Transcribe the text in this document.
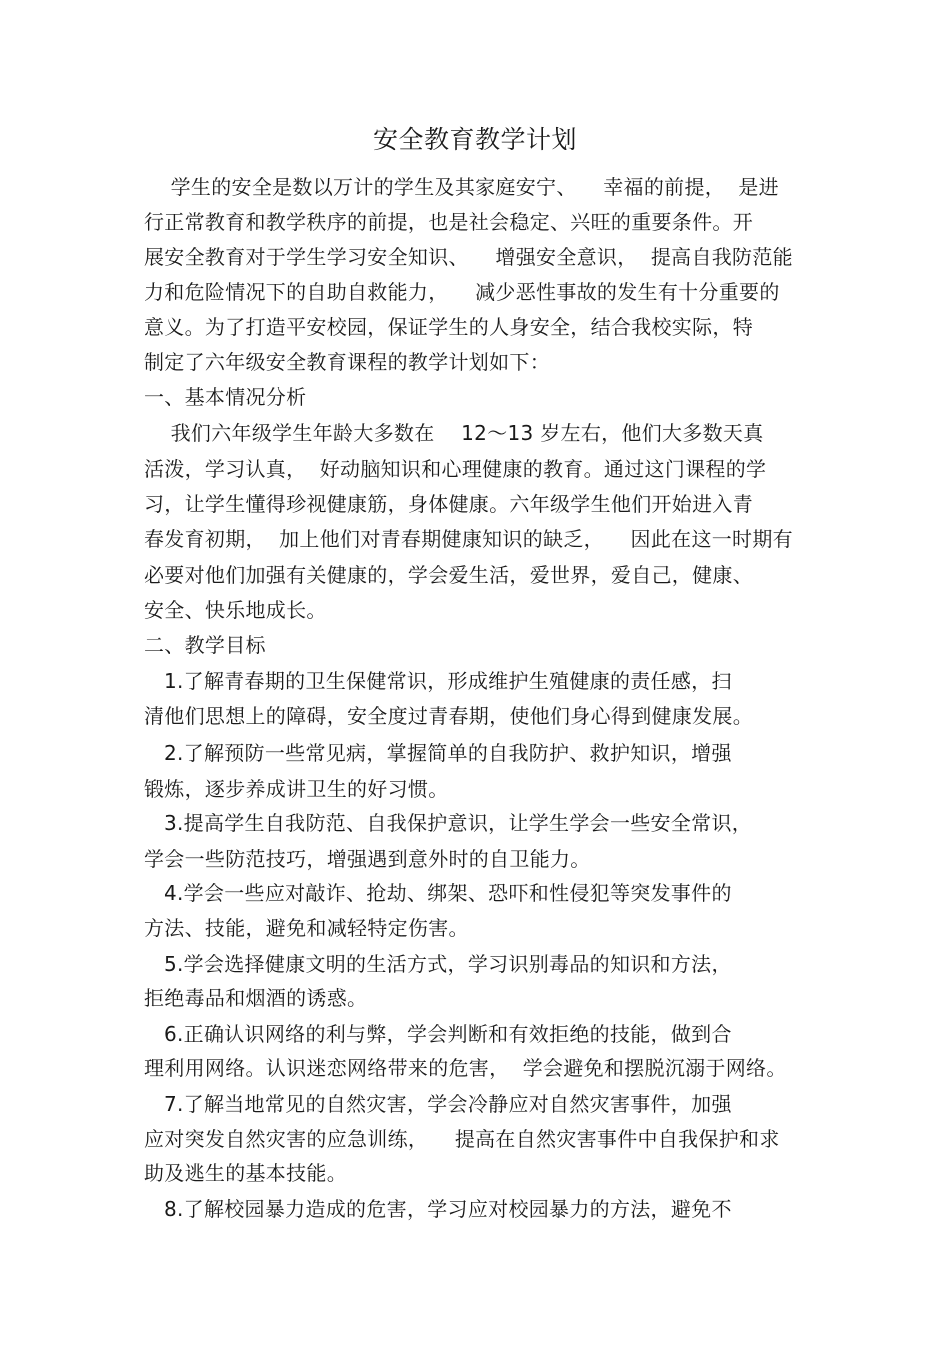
安全教育教学计划
学生的安全是数以万计的学生及其家庭安宁、    幸福的前提，  是进
行正常教育和教学秩序的前提，也是社会稳定、兴旺的重要条件。开
展安全教育对于学生学习安全知识、    增强安全意识，  提高自我防范能
力和危险情况下的自助自救能力，    减少恶性事故的发生有十分重要的
意义。为了打造平安校园，保证学生的人身安全，结合我校实际，特
制定了六年级安全教育课程的教学计划如下：
一、基本情况分析
我们六年级学生年龄大多数在    12～13 岁左右，他们大多数天真
活泼，学习认真，  好动脑知识和心理健康的教育。通过这门课程的学
习，让学生懂得珍视健康筋，身体健康。六年级学生他们开始进入青
春发育初期，  加上他们对青春期健康知识的缺乏，    因此在这一时期有
必要对他们加强有关健康的，学会爱生活，爱世界，爱自己，健康、
安全、快乐地成长。
二、教学目标
1.了解青春期的卫生保健常识，形成维护生殖健康的责任感，扫
清他们思想上的障碍，安全度过青春期，使他们身心得到健康发展。
2.了解预防一些常见病，掌握简单的自我防护、救护知识，增强
锻炼，逐步养成讲卫生的好习惯。
3.提高学生自我防范、自我保护意识，让学生学会一些安全常识，
学会一些防范技巧，增强遇到意外时的自卫能力。
4.学会一些应对敲诈、抢劫、绑架、恐吓和性侵犯等突发事件的
方法、技能，避免和减轻特定伤害。
5.学会选择健康文明的生活方式，学习识别毒品的知识和方法，
拒绝毒品和烟酒的诱惑。
6.正确认识网络的利与弊，学会判断和有效拒绝的技能，做到合
理利用网络。认识迷恋网络带来的危害，  学会避免和摆脱沉溺于网络。
7.了解当地常见的自然灾害，学会冷静应对自然灾害事件，加强
应对突发自然灾害的应急训练，    提高在自然灾害事件中自我保护和求
助及逃生的基本技能。
8.了解校园暴力造成的危害，学习应对校园暴力的方法，避免不
